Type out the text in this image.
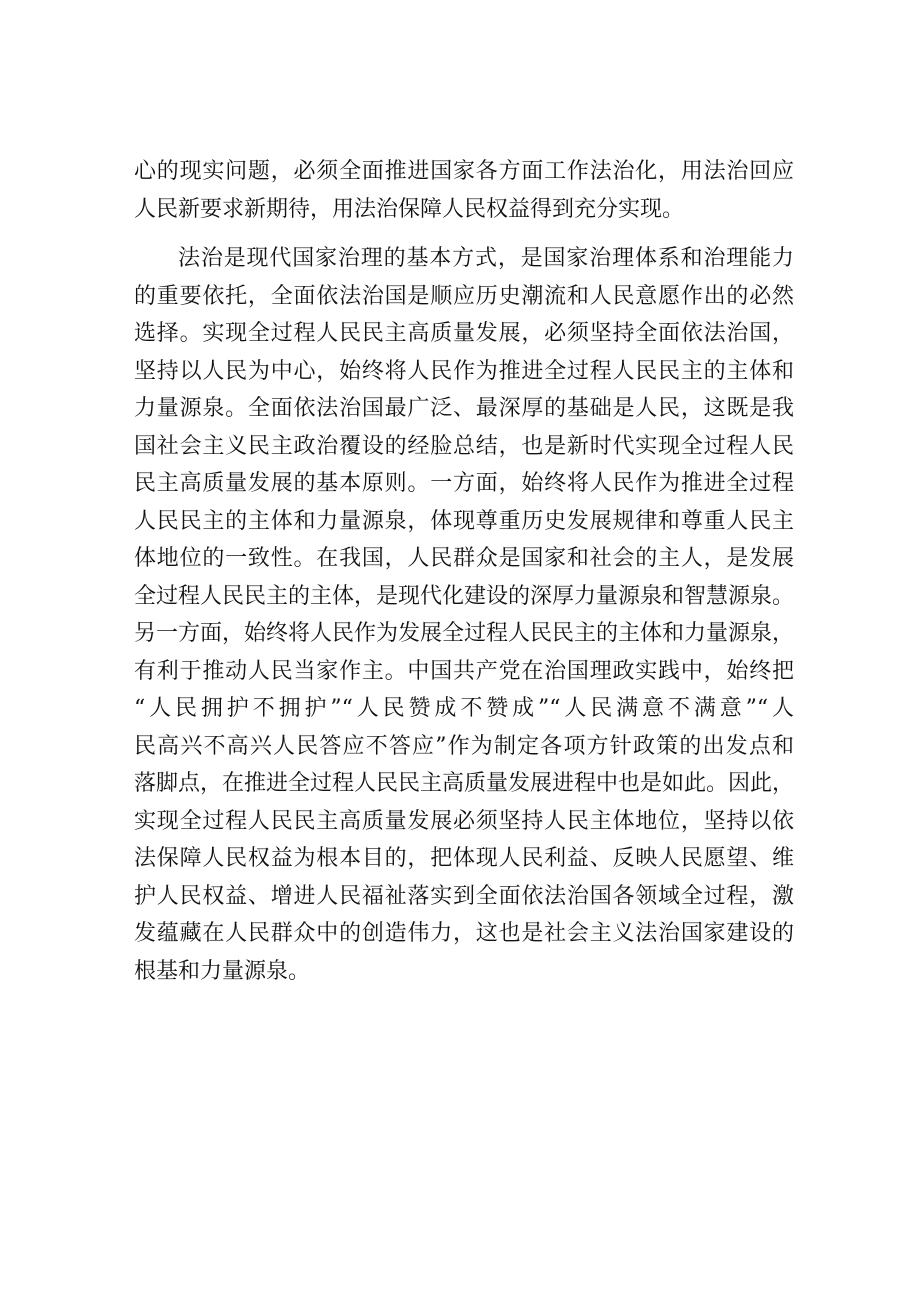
心的现实问题，必须全面推进国家各方面工作法治化，用法治回应
人民新要求新期待，用法治保障人民权益得到充分实现。
法治是现代国家治理的基本方式，是国家治理体系和治理能力
的重要依托，全面依法治国是顺应历史潮流和人民意愿作出的必然
选择。实现全过程人民民主高质量发展，必须坚持全面依法治国，
坚持以人民为中心，始终将人民作为推进全过程人民民主的主体和
力量源泉。全面依法治国最广泛、最深厚的基础是人民，这既是我
国社会主义民主政治覆设的经脸总结，也是新时代实现全过程人民
民主高质量发展的基本原则。一方面，始终将人民作为推进全过程
人民民主的主体和力量源泉，体现尊重历史发展规律和尊重人民主
体地位的一致性。在我国，人民群众是国家和社会的主人，是发展
全过程人民民主的主体，是现代化建设的深厚力量源泉和智慧源泉。
另一方面，始终将人民作为发展全过程人民民主的主体和力量源泉，
有利于推动人民当家作主。中国共产党在治国理政实践中，始终把
“人民拥护不拥护”“人民赞成不赞成”“人民满意不满意”“人
民高兴不高兴人民答应不答应”作为制定各项方针政策的出发点和
落脚点，在推进全过程人民民主高质量发展进程中也是如此。因此，
实现全过程人民民主高质量发展必须坚持人民主体地位，坚持以依
法保障人民权益为根本目的，把体现人民利益、反映人民愿望、维
护人民权益、增进人民福祉落实到全面依法治国各领域全过程，激
发蕴藏在人民群众中的创造伟力，这也是社会主义法治国家建设的
根基和力量源泉。
